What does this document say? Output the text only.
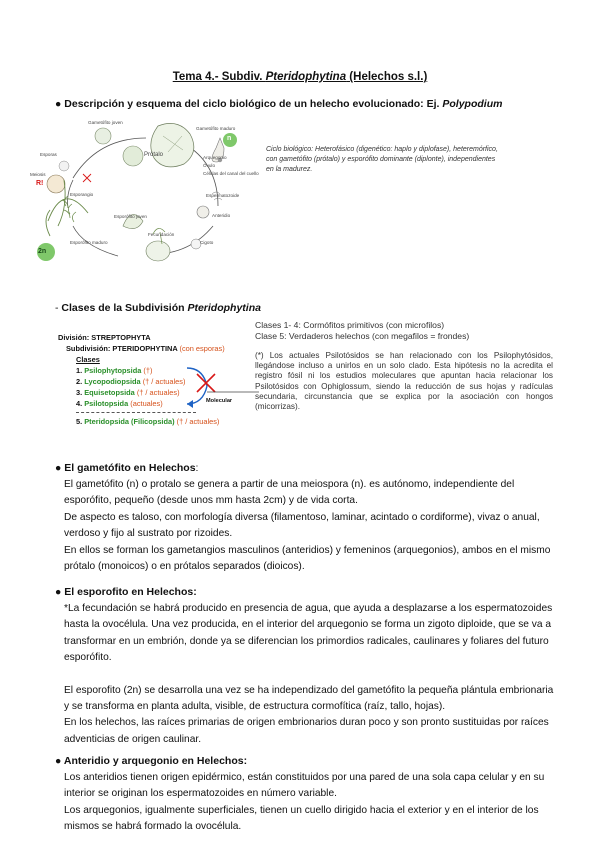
Tema 4.- Subdiv. Pteridophytina (Helechos s.l.)
● Descripción y esquema del ciclo biológico de un helecho evolucionado: Ej. Polypodium
Gametófito joven
Gametófito maduro
Esporas	Prótalo
Meiosis
R!
Esporangio
n
Arquegonio
Óvulo
Células del canal del cuello
Espermatozoide
Anteridio
Esporófito joven
Fecundación
Cigoto
Esporófito maduro
2n
Ciclo biológico: Heterofásico (digenético: haplo y diplofase), heteremórfico, con gametófito (prótalo) y esporófito dominante (diplonte), independientes en la madurez.
- Clases de la Subdivisión Pteridophytina
División: STREPTOPHYTA
Subdivisión: PTERIDOPHYTINA (con esporas)
Clases
1. Psilophytopsida (†)
2. Lycopodiopsida († / actuales)
3. Equisetopsida († / actuales)
4. Psilotopsida (actuales)
5. Pteridopsida (Filicopsida) († / actuales)
Molecular
Clases 1- 4: Cormófitos primitivos (con microfilos)
Clase 5: Verdaderos helechos (con megafilos = frondes)
(*) Los actuales Psilotósidos se han relacionado con los Psilophytósidos, llegándose incluso a unirlos en un solo clado. Esta hipótesis no la acredita el registro fósil ni los estudios moleculares que apuntan hacia relacionar los Psilotósidos con Ophiglossum, siendo la reducción de sus hojas y radículas secundaria, circunstancia que se explica por la asociación con hongos (micorrizas).
● El gametófito en Helechos:

El gametófito (n) o protalo se genera a partir de una meiospora (n). es autónomo, independiente del esporófito, pequeño (desde unos mm hasta 2cm) y de vida corta.

De aspecto es taloso, con morfología diversa (filamentoso, laminar, acintado o cordiforme), vivaz o anual, verdoso y fijo al sustrato por rizoides.

En ellos se forman los gametangios masculinos (anteridios) y femeninos (arquegonios), ambos en el mismo prótalo (monoicos) o en prótalos separados (dioicos).

● El esporofito en Helechos:

*La fecundación se habrá producido en presencia de agua, que ayuda a desplazarse a los espermatozoides hasta la ovocélula. Una vez producida, en el interior del arquegonio se forma un zigoto diploide, que se va a transformar en un embrión, donde ya se diferencian los primordios radicales, caulinares y foliares del futuro esporófito.

El esporofito (2n) se desarrolla una vez se ha independizado del gametófito la pequeña plántula embrionaria y se transforma en planta adulta, visible, de estructura cormofítica (raíz, tallo, hojas).

En los helechos, las raíces primarias de origen embrionarios duran poco y son pronto sustituidas por raíces adventicias de origen caulinar.

● Anteridio y arquegonio en Helechos:

Los anteridios tienen origen epidérmico, están constituidos por una pared de una sola capa celular y en su interior se originan los espermatozoides en número variable.

Los arquegonios, igualmente superficiales, tienen un cuello dirigido hacia el exterior y en el interior de los mismos se habrá formado la ovocélula.
